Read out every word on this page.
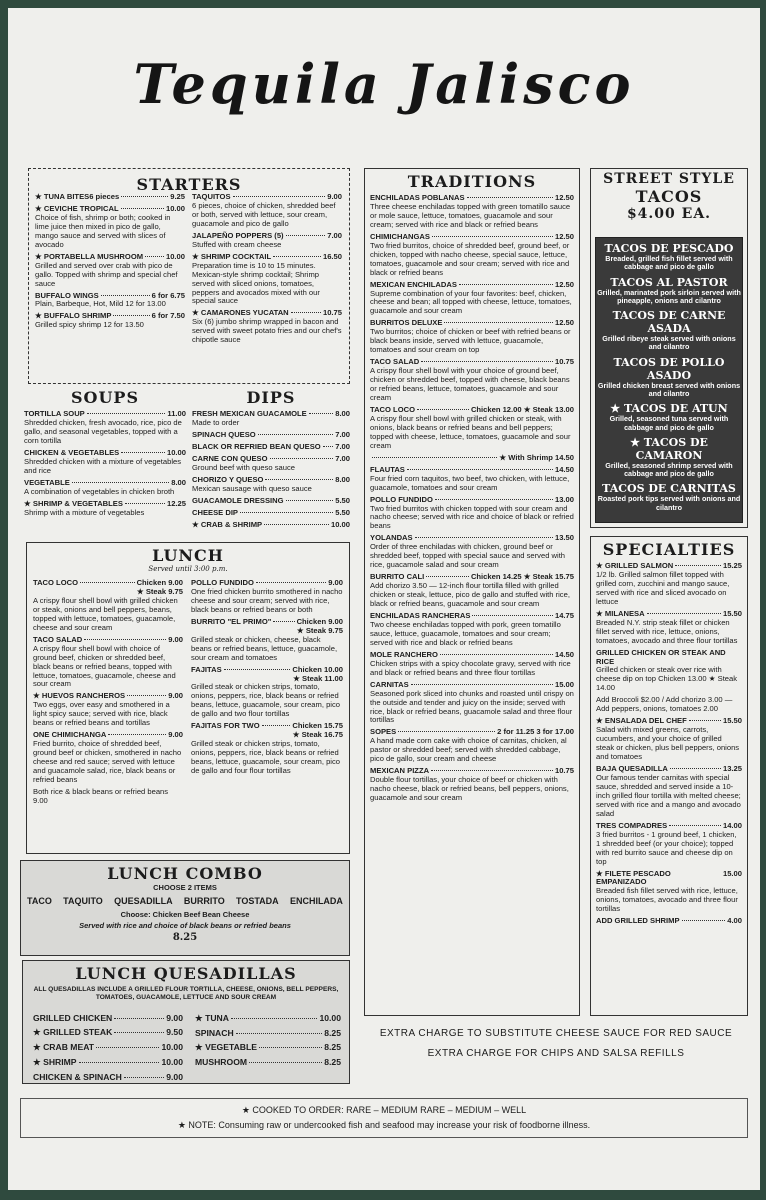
Tequila Jalisco
STARTERS
★ TUNA BITES 6 pieces	9.25
★ CEVICHE TROPICAL	10.00
Choice of fish, shrimp or both; cooked in lime juice then mixed in pico de gallo, mango sauce and served with slices of avocado
★ PORTABELLA MUSHROOM	10.00
Grilled and served over crab with pico de gallo. Topped with shrimp and special chef sauce
BUFFALO WINGS	6 for 6.75
Plain, Barbeque, Hot, Mild 12 for 13.00
★ BUFFALO SHRIMP	6 for 7.50
Grilled spicy shrimp 12 for 13.50
TAQUITOS	9.00
6 pieces, choice of chicken, shredded beef or both, served with lettuce, sour cream, guacamole and pico de gallo
JALAPEÑO POPPERS (5)	7.00
Stuffed with cream cheese
★ SHRIMP COCKTAIL	16.50
Preparation time is 10 to 15 minutes. Mexican-style shrimp cocktail; Shrimp served with sliced onions, tomatoes, peppers and avocados mixed with our special sauce
★ CAMARONES YUCATAN	10.75
Six (6) jumbo shrimp wrapped in bacon and served with sweet potato fries and our chef's chipotle sauce
SOUPS
TORTILLA SOUP	11.00
Shredded chicken, fresh avocado, rice, pico de gallo, and seasonal vegetables, topped with a corn tortilla
CHICKEN & VEGETABLES	10.00
Shredded chicken with a mixture of vegetables and rice
VEGETABLE	8.00
A combination of vegetables in chicken broth
★ SHRIMP & VEGETABLES	12.25
Shrimp with a mixture of vegetables
DIPS
FRESH MEXICAN GUACAMOLE	8.00
Made to order
SPINACH QUESO	7.00
BLACK OR REFRIED BEAN QUESO 7.00
CARNE CON QUESO	7.00
Ground beef with queso sauce
CHORIZO Y QUESO	8.00
Mexican sausage with queso sauce
GUACAMOLE DRESSING	5.50
CHEESE DIP	5.50
★ CRAB & SHRIMP	10.00
LUNCH
Served until 3:00 p.m.
TACO LOCO	Chicken 9.00
★ Steak 9.75
A crispy flour shell bowl with grilled chicken or steak, onions and bell peppers, beans, topped with lettuce, tomatoes, guacamole, cheese and sour cream
TACO SALAD	9.00
A crispy flour shell bowl with choice of ground beef, chicken or shredded beef, black beans or refried beans, topped with lettuce, tomatoes, guacamole, cheese and sour cream
★ HUEVOS RANCHEROS	9.00
Two eggs, over easy and smothered in a light spicy sauce; served with rice, black beans or refried beans and tortillas
ONE CHIMICHANGA	9.00
Fried burrito, choice of shredded beef, ground beef or chicken, smothered in nacho cheese and red sauce; served with lettuce and guacamole salad, rice, black beans or refried beans
Both rice & black beans or refried beans 9.00
POLLO FUNDIDO	9.00
One fried chicken burrito smothered in nacho cheese and sour cream; served with rice, black beans or refried beans or both
BURRITO "EL PRIMO"	Chicken 9.00
★ Steak 9.75
Grilled steak or chicken, cheese, black beans or refried beans, lettuce, guacamole, sour cream and tomatoes
FAJITAS	Chicken 10.00
★ Steak 11.00
Grilled steak or chicken strips, tomato, onions, peppers, rice, black beans or refried beans, lettuce, guacamole, sour cream, pico de gallo and two flour tortillas
FAJITAS FOR TWO	Chicken 15.75
★ Steak 16.75
Grilled steak or chicken strips, tomato, onions, peppers, rice, black beans or refried beans, lettuce, guacamole, sour cream, pico de gallo and four flour tortillas
LUNCH COMBO
CHOOSE 2 ITEMS
TACO TAQUITO QUESADILLA BURRITO TOSTADA ENCHILADA
Choose: Chicken Beef Bean Cheese
Served with rice and choice of black beans or refried beans
8.25
LUNCH QUESADILLAS
ALL QUESADILLAS INCLUDE A GRILLED FLOUR TORTILLA, CHEESE, ONIONS, BELL PEPPERS, TOMATOES, GUACAMOLE, LETTUCE AND SOUR CREAM
GRILLED CHICKEN	9.00
★ GRILLED STEAK	9.50
★ CRAB MEAT	10.00
★ SHRIMP	10.00
CHICKEN & SPINACH	9.00
★ TUNA	10.00
SPINACH	8.25
★ VEGETABLE	8.25
MUSHROOM	8.25
TRADITIONS
ENCHILADAS POBLANAS	12.50
Three cheese enchiladas topped with green tomatillo sauce or mole sauce, lettuce, tomatoes, guacamole and sour cream; served with rice and black or refried beans
CHIMICHANGAS	12.50
Two fried burritos, choice of shredded beef, ground beef, or chicken, topped with nacho cheese, special sauce, lettuce, tomatoes, guacamole and sour cream; served with rice and black or refried beans
MEXICAN ENCHILADAS	12.50
Supreme combination of your four favorites: beef, chicken, cheese and bean; all topped with cheese, lettuce, tomatoes, guacamole and sour cream
BURRITOS DELUXE	12.50
Two burritos; choice of chicken or beef with refried beans or black beans inside, served with lettuce, guacamole, tomatoes and sour cream on top
TACO SALAD	10.75
A crispy flour shell bowl with your choice of ground beef, chicken or shredded beef, topped with cheese, black beans or refried beans, lettuce, tomatoes, guacamole and sour cream
TACO LOCO	Chicken 12.00 ★ Steak 13.00
A crispy flour shell bowl with grilled chicken or steak, with onions, black beans or refried beans and bell peppers; topped with cheese, lettuce, tomatoes, guacamole and sour cream
★ With Shrimp 14.50
FLAUTAS	14.50
Four fried corn taquitos, two beef, two chicken, with lettuce, guacamole, tomatoes and sour cream
POLLO FUNDIDO	13.00
Two fried burritos with chicken topped with sour cream and nacho cheese; served with rice and choice of black or refried beans
YOLANDAS	13.50
Order of three enchiladas with chicken, ground beef or shredded beef, topped with special sauce and served with rice, guacamole salad and sour cream
BURRITO CALI	Chicken 14.25 ★ Steak 15.75
Add chorizo 3.50 — 12-inch flour tortilla filled with grilled chicken or steak, lettuce, pico de gallo and stuffed with rice, black or refried beans, guacamole and sour cream
ENCHILADAS RANCHERAS	14.75
Two cheese enchiladas topped with pork, green tomatillo sauce, lettuce, guacamole, tomatoes and sour cream; served with rice and black or refried beans
MOLE RANCHERO	14.50
Chicken strips with a spicy chocolate gravy, served with rice and black or refried beans and three flour tortillas
CARNITAS	15.00
Seasoned pork sliced into chunks and roasted until crispy on the outside and tender and juicy on the inside; served with rice, black or refried beans, guacamole salad and three flour tortillas
SOPES	2 for 11.25 3 for 17.00
A hand made corn cake with choice of carnitas, chicken, al pastor or shredded beef; served with shredded cabbage, pico de gallo, sour cream and cheese
MEXICAN PIZZA	10.75
Double flour tortillas, your choice of beef or chicken with nacho cheese, black or refried beans, bell peppers, onions, guacamole and sour cream
STREET STYLE
TACOS
$4.00 EA.
TACOS DE PESCADO
Breaded, grilled fish fillet served with cabbage and pico de gallo
TACOS AL PASTOR
Grilled, marinated pork sirloin served with pineapple, onions and cilantro
TACOS DE CARNE ASADA
Grilled ribeye steak served with onions and cilantro
TACOS DE POLLO ASADO
Grilled chicken breast served with onions and cilantro
★ TACOS DE ATUN
Grilled, seasoned tuna served with cabbage and pico de gallo
★ TACOS DE CAMARON
Grilled, seasoned shrimp served with cabbage and pico de gallo
TACOS DE CARNITAS
Roasted pork tips served with onions and cilantro
SPECIALTIES
★ GRILLED SALMON	15.25
1/2 lb. Grilled salmon fillet topped with grilled corn, zucchini and mango sauce, served with rice and sliced avocado on lettuce
★ MILANESA	15.50
Breaded N.Y. strip steak fillet or chicken fillet served with rice, lettuce, onions, tomatoes, avocado and three flour tortillas
GRILLED CHICKEN OR STEAK AND RICE
Grilled chicken or steak over rice with cheese dip on top Chicken 13.00 ★ Steak 14.00
Add Broccoli $2.00 / Add chorizo 3.00 — Add peppers, onions, tomatoes 2.00
★ ENSALADA DEL CHEF	15.50
Salad with mixed greens, carrots, cucumbers, and your choice of grilled steak or chicken, plus bell peppers, onions and tomatoes
BAJA QUESADILLA	13.25
Our famous tender carnitas with special sauce, shredded and served inside a 10-inch grilled flour tortilla with melted cheese; served with rice and a mango and avocado salad
TRES COMPADRES	14.00
3 fried burritos - 1 ground beef, 1 chicken, 1 shredded beef (or your choice); topped with red burrito sauce and cheese dip on top
★ FILETE PESCADO EMPANIZADO
15.00
Breaded fish fillet served with rice, lettuce, onions, tomatoes, avocado and three flour tortillas
ADD GRILLED SHRIMP	4.00
EXTRA CHARGE TO SUBSTITUTE CHEESE SAUCE FOR RED SAUCE
EXTRA CHARGE FOR CHIPS AND SALSA REFILLS
★ COOKED TO ORDER: RARE – MEDIUM RARE – MEDIUM – WELL
★ NOTE: Consuming raw or undercooked fish and seafood may increase your risk of foodborne illness.
